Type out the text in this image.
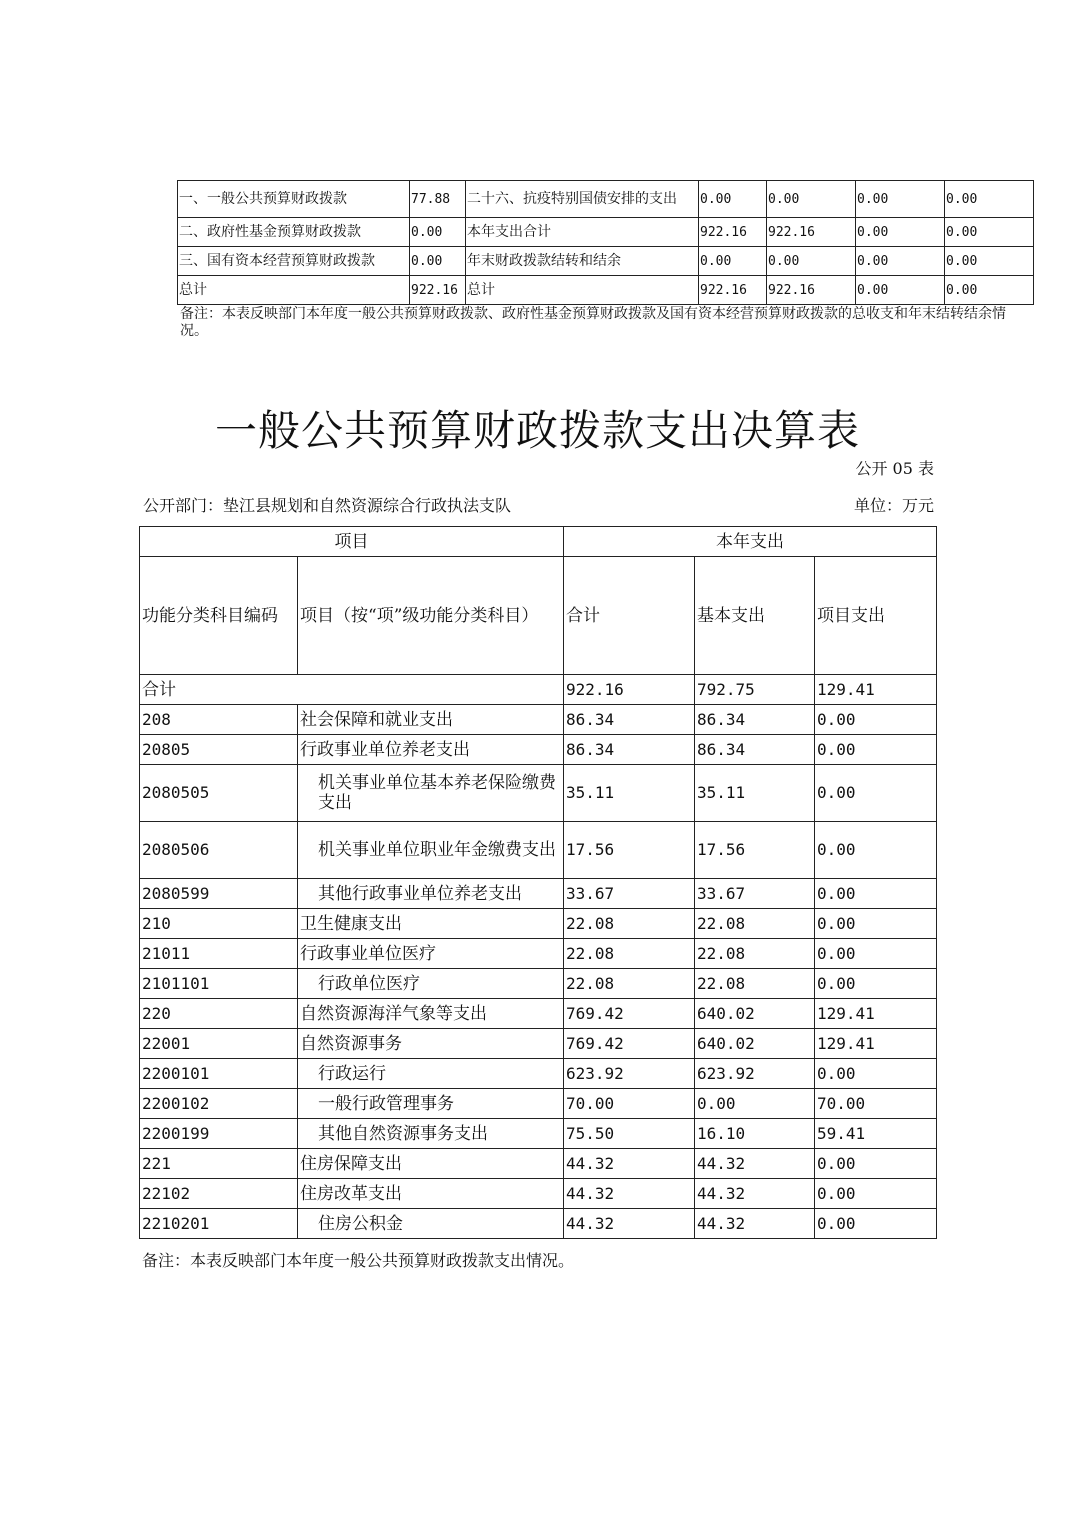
一、一般公共预算财政拨款	77.88	二十六、抗疫特别国债安排的支出	0.00	0.00	0.00	0.00
二、政府性基金预算财政拨款	0.00	本年支出合计	922.16	922.16	0.00	0.00
三、国有资本经营预算财政拨款	0.00	年末财政拨款结转和结余	0.00	0.00	0.00	0.00
总计	922.16	总计	922.16	922.16	0.00	0.00
备注：本表反映部门本年度一般公共预算财政拨款、政府性基金预算财政拨款及国有资本经营预算财政拨款的总收支和年末结转结余情况。
一般公共预算财政拨款支出决算表
公开 05 表
公开部门：垫江县规划和自然资源综合行政执法支队	单位：万元
项目		本年支出		
功能分类科目编码	项目（按“项”级功能分类科目）	合计	基本支出	项目支出
合计		922.16	792.75	129.41
208	社会保障和就业支出	86.34	86.34	0.00
20805	行政事业单位养老支出	86.34	86.34	0.00
2080505	机关事业单位基本养老保险缴费支出	35.11	35.11	0.00
2080506	机关事业单位职业年金缴费支出	17.56	17.56	0.00
2080599	其他行政事业单位养老支出	33.67	33.67	0.00
210	卫生健康支出	22.08	22.08	0.00
21011	行政事业单位医疗	22.08	22.08	0.00
2101101	行政单位医疗	22.08	22.08	0.00
220	自然资源海洋气象等支出	769.42	640.02	129.41
22001	自然资源事务	769.42	640.02	129.41
2200101	行政运行	623.92	623.92	0.00
2200102	一般行政管理事务	70.00	0.00	70.00
2200199	其他自然资源事务支出	75.50	16.10	59.41
221	住房保障支出	44.32	44.32	0.00
22102	住房改革支出	44.32	44.32	0.00
2210201	住房公积金	44.32	44.32	0.00
备注：本表反映部门本年度一般公共预算财政拨款支出情况。
